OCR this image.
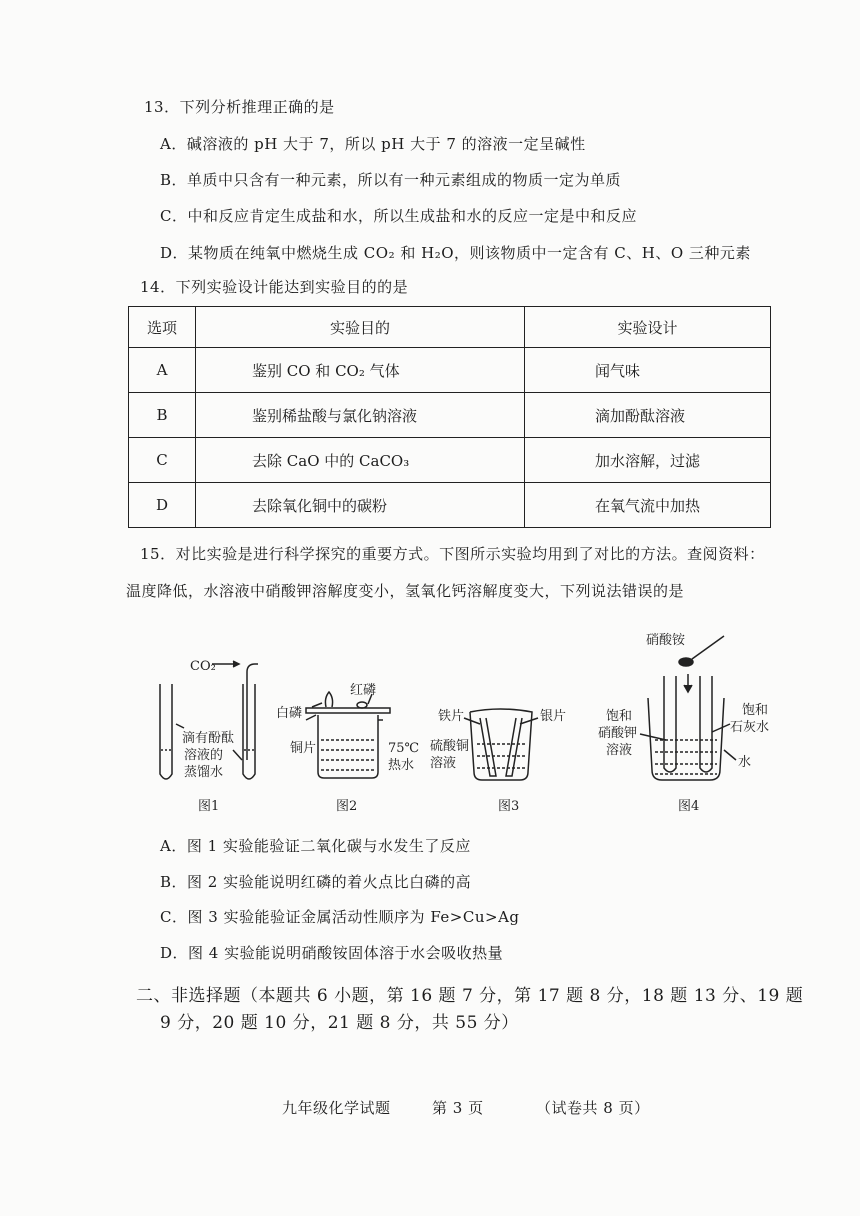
13．下列分析推理正确的是
A．碱溶液的 pH 大于 7，所以 pH 大于 7 的溶液一定呈碱性
B．单质中只含有一种元素，所以有一种元素组成的物质一定为单质
C．中和反应肯定生成盐和水，所以生成盐和水的反应一定是中和反应
D．某物质在纯氧中燃烧生成 CO₂ 和 H₂O，则该物质中一定含有 C、H、O 三种元素
14．下列实验设计能达到实验目的的是
选项	实验目的	实验设计
A	鉴别 CO 和 CO₂ 气体	闻气味
B	鉴别稀盐酸与氯化钠溶液	滴加酚酞溶液
C	去除 CaO 中的 CaCO₃	加水溶解，过滤
D	去除氧化铜中的碳粉	在氧气流中加热
15．对比实验是进行科学探究的重要方式。下图所示实验均用到了对比的方法。查阅资料：
温度降低，水溶液中硝酸钾溶解度变小，氢氧化钙溶解度变大，下列说法错误的是
CO₂
滴有酚酞
溶液的
蒸馏水
图1
红磷
白磷
铜片	75℃
热水
图2
铁片	银片
硫酸铜
溶液
图3
硝酸铵
饱和
硝酸钾
溶液
饱和
石灰水
水
图4
A．图 1 实验能验证二氧化碳与水发生了反应
B．图 2 实验能说明红磷的着火点比白磷的高
C．图 3 实验能验证金属活动性顺序为 Fe>Cu>Ag
D．图 4 实验能说明硝酸铵固体溶于水会吸收热量
二、非选择题（本题共 6 小题，第 16 题 7 分，第 17 题 8 分，18 题 13 分、19 题
9 分，20 题 10 分，21 题 8 分，共 55 分）
九年级化学试题	第 3 页	（试卷共 8 页）
